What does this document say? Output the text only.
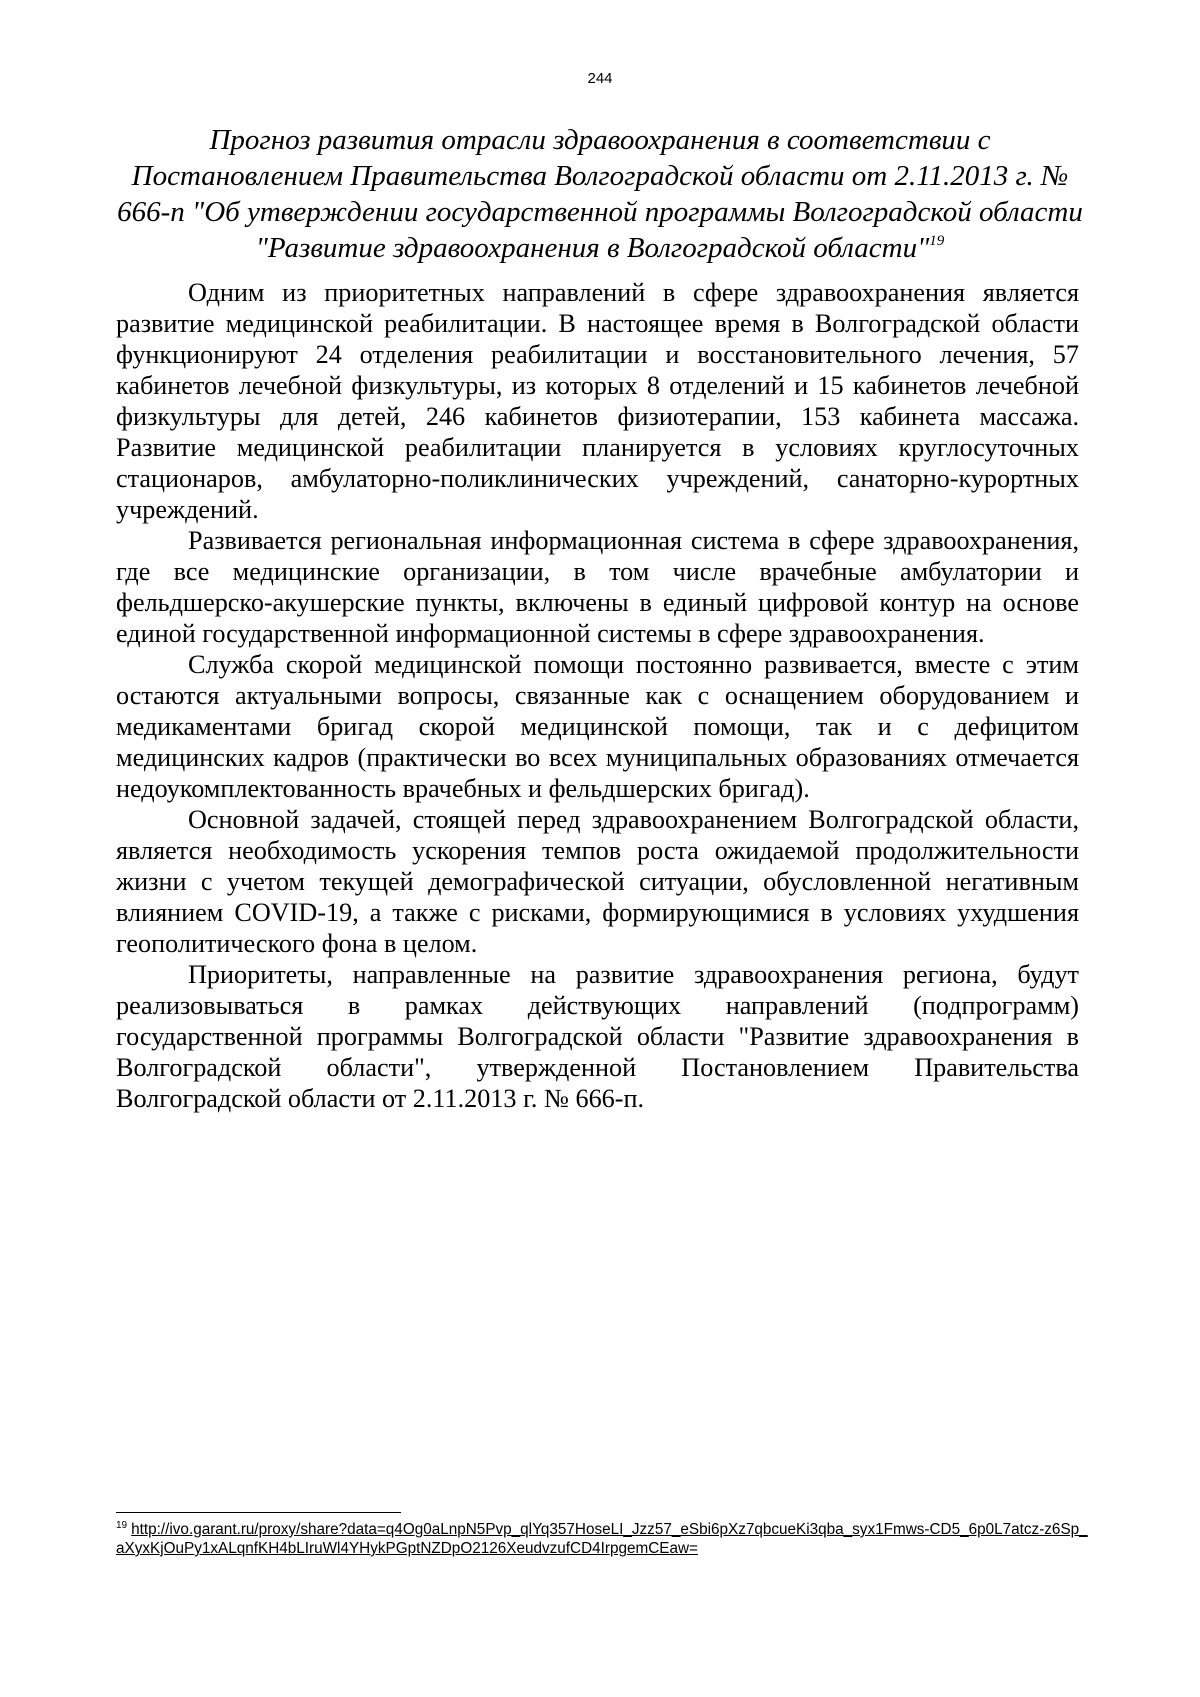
244
Прогноз развития отрасли здравоохранения в соответствии с Постановлением Правительства Волгоградской области от 2.11.2013 г. № 666-п "Об утверждении государственной программы Волгоградской области "Развитие здравоохранения в Волгоградской области"$^{19}$

Одним из приоритетных направлений в сфере здравоохранения является развитие медицинской реабилитации. В настоящее время в Волгоградской области функционируют 24 отделения реабилитации и восстановительного лечения, 57 кабинетов лечебной физкультуры, из которых 8 отделений и 15 кабинетов лечебной физкультуры для детей, 246 кабинетов физиотерапии, 153 кабинета массажа. Развитие медицинской реабилитации планируется в условиях круглосуточных стационаров, амбулаторно-поликлинических учреждений, санаторно-курортных учреждений.

Развивается региональная информационная система в сфере здравоохранения, где все медицинские организации, в том числе врачебные амбулатории и фельдшерско-акушерские пункты, включены в единый цифровой контур на основе единой государственной информационной системы в сфере здравоохранения.

Служба скорой медицинской помощи постоянно развивается, вместе с этим остаются актуальными вопросы, связанные как с оснащением оборудованием и медикаментами бригад скорой медицинской помощи, так и с дефицитом медицинских кадров (практически во всех муниципальных образованиях отмечается недоукомплектованность врачебных и фельдшерских бригад).

Основной задачей, стоящей перед здравоохранением Волгоградской области, является необходимость ускорения темпов роста ожидаемой продолжительности жизни с учетом текущей демографической ситуации, обусловленной негативным влиянием COVID-19, а также с рисками, формирующимися в условиях ухудшения геополитического фона в целом.

Приоритеты, направленные на развитие здравоохранения региона, будут реализовываться в рамках действующих направлений (подпрограмм) государственной программы Волгоградской области "Развитие здравоохранения в Волгоградской области", утвержденной Постановлением Правительства Волгоградской области от 2.11.2013 г. № 666-п.

$^{19}$ http://ivo.garant.ru/proxy/share?data=q4Og0aLnpN5Pvp_qlYq357HoseLI_Jzz57_eSbi6pXz7qbcueKi3qba_syx1Fmws-CD5_6p0L7atcz-z6Sp_aXyxKjOuPy1xALqnfKH4bLIruWl4YHykPGptNZDpO2126XeudvzufCD4IrpgemCEaw=
